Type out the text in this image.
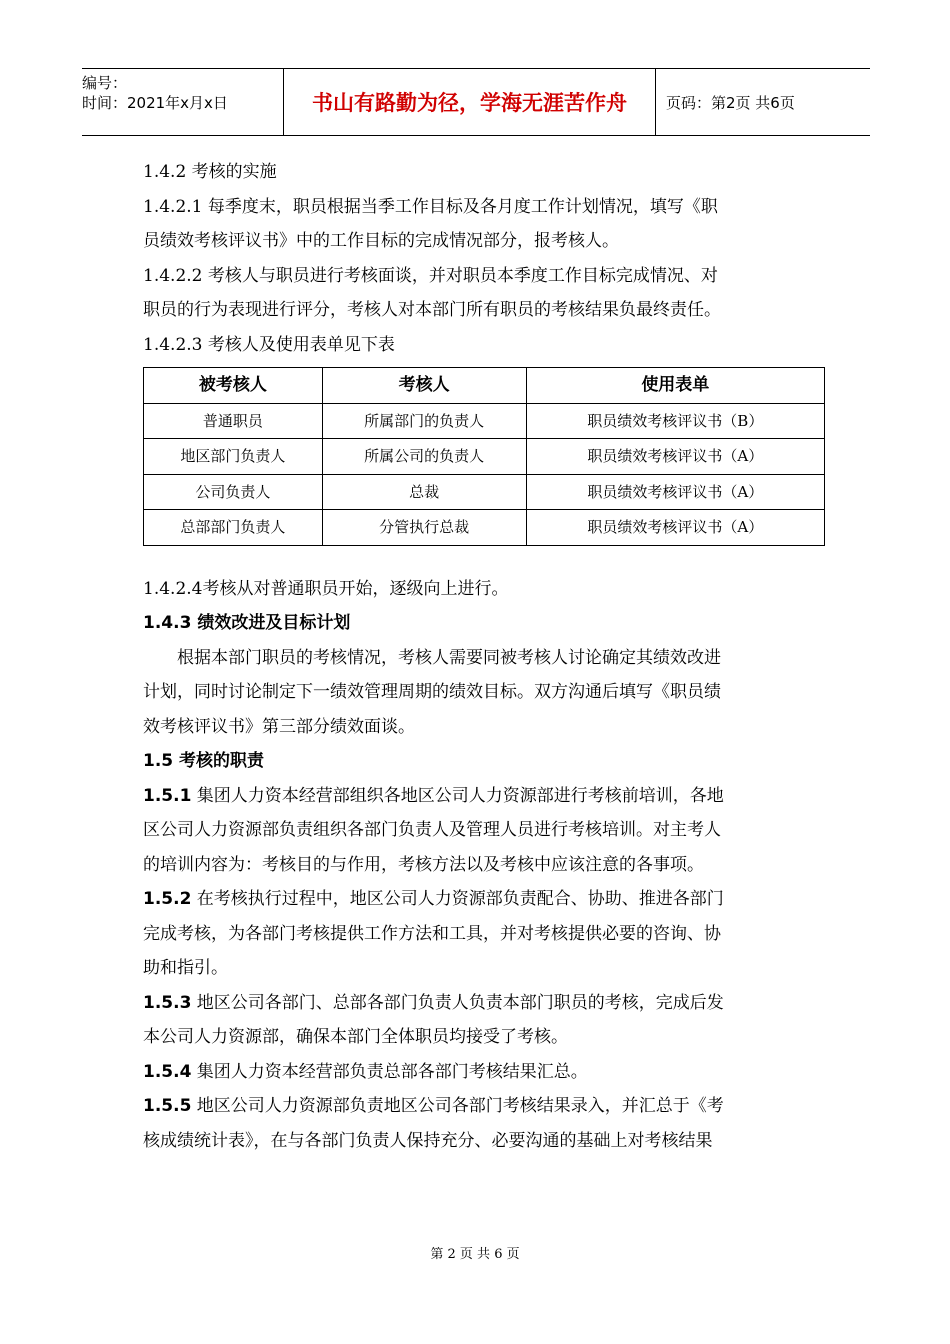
编号：
时间：2021年x月x日	书山有路勤为径，学海无涯苦作舟	页码：第2页 共6页

1.4.2 考核的实施

1.4.2.1 每季度末，职员根据当季工作目标及各月度工作计划情况，填写《职

员绩效考核评议书》中的工作目标的完成情况部分，报考核人。

1.4.2.2 考核人与职员进行考核面谈，并对职员本季度工作目标完成情况、对

职员的行为表现进行评分，考核人对本部门所有职员的考核结果负最终责任。

1.4.2.3 考核人及使用表单见下表

被考核人	考核人	使用表单
普通职员	所属部门的负责人	职员绩效考核评议书（B）
地区部门负责人	所属公司的负责人	职员绩效考核评议书（A）
公司负责人	总裁	职员绩效考核评议书（A）
总部部门负责人	分管执行总裁	职员绩效考核评议书（A）

1.4.2.4考核从对普通职员开始，逐级向上进行。

1.4.3 绩效改进及目标计划

根据本部门职员的考核情况，考核人需要同被考核人讨论确定其绩效改进

计划，同时讨论制定下一绩效管理周期的绩效目标。双方沟通后填写《职员绩

效考核评议书》第三部分绩效面谈。

1.5 考核的职责

1.5.1 集团人力资本经营部组织各地区公司人力资源部进行考核前培训，各地

区公司人力资源部负责组织各部门负责人及管理人员进行考核培训。对主考人

的培训内容为：考核目的与作用，考核方法以及考核中应该注意的各事项。

1.5.2 在考核执行过程中，地区公司人力资源部负责配合、协助、推进各部门

完成考核，为各部门考核提供工作方法和工具，并对考核提供必要的咨询、协

助和指引。

1.5.3 地区公司各部门、总部各部门负责人负责本部门职员的考核，完成后发

本公司人力资源部，确保本部门全体职员均接受了考核。

1.5.4 集团人力资本经营部负责总部各部门考核结果汇总。

1.5.5 地区公司人力资源部负责地区公司各部门考核结果录入，并汇总于《考

核成绩统计表》，在与各部门负责人保持充分、必要沟通的基础上对考核结果

第 2 页 共 6 页
